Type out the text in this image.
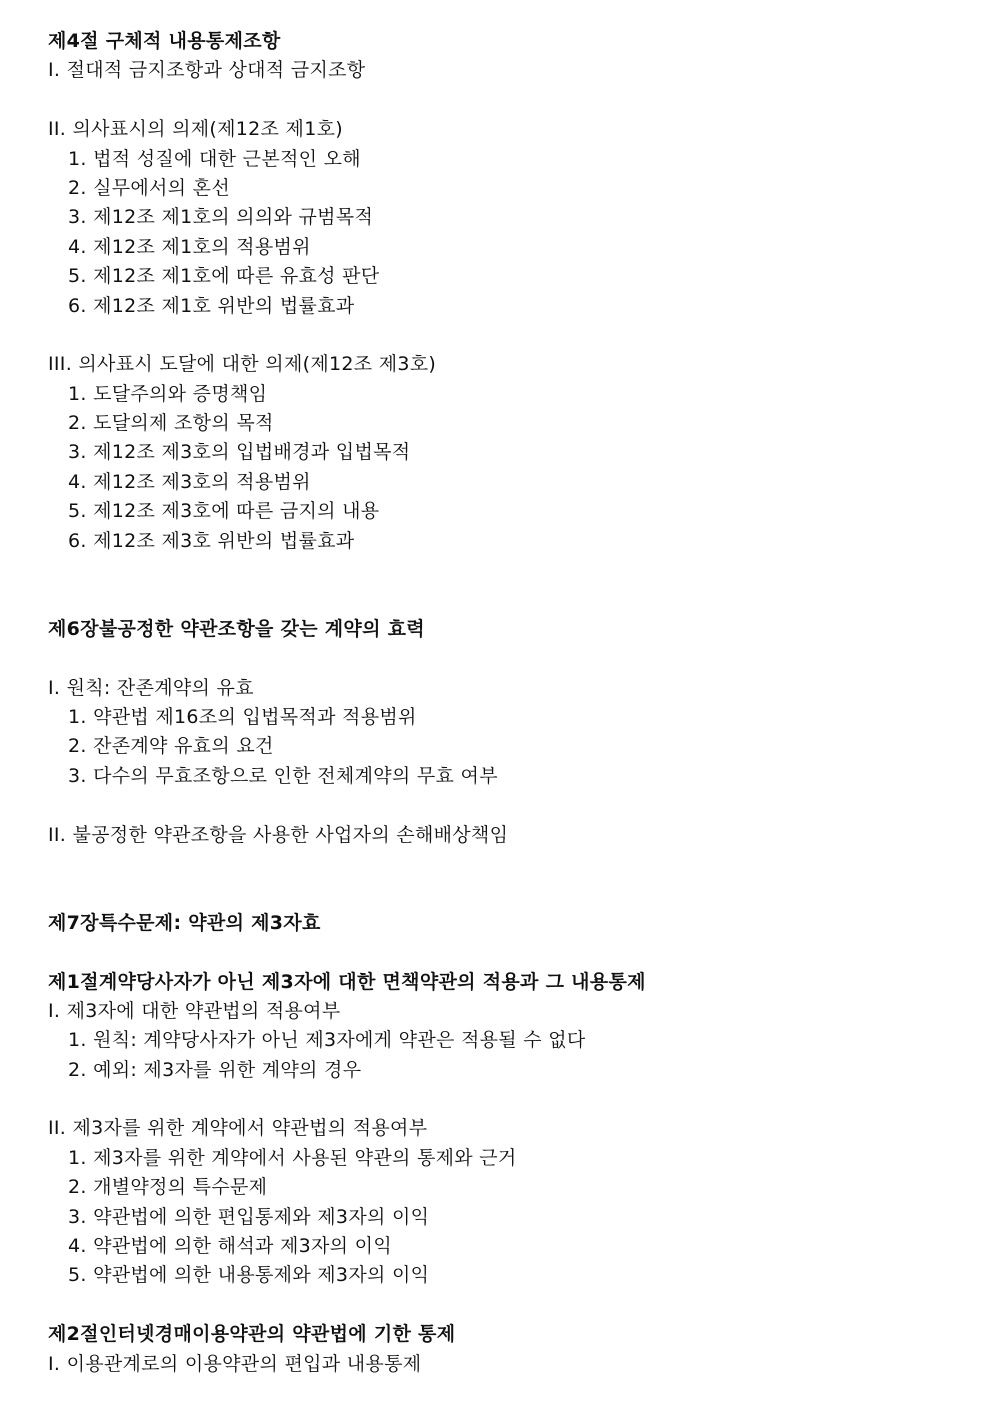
제4절 구체적 내용통제조항
I. 절대적 금지조항과 상대적 금지조항
II. 의사표시의 의제(제12조 제1호)
1. 법적 성질에 대한 근본적인 오해
2. 실무에서의 혼선
3. 제12조 제1호의 의의와 규범목적
4. 제12조 제1호의 적용범위
5. 제12조 제1호에 따른 유효성 판단
6. 제12조 제1호 위반의 법률효과
III. 의사표시 도달에 대한 의제(제12조 제3호)
1. 도달주의와 증명책임
2. 도달의제 조항의 목적
3. 제12조 제3호의 입법배경과 입법목적
4. 제12조 제3호의 적용범위
5. 제12조 제3호에 따른 금지의 내용
6. 제12조 제3호 위반의 법률효과
제6장불공정한 약관조항을 갖는 계약의 효력
I. 원칙: 잔존계약의 유효
1. 약관법 제16조의 입법목적과 적용범위
2. 잔존계약 유효의 요건
3. 다수의 무효조항으로 인한 전체계약의 무효 여부
II. 불공정한 약관조항을 사용한 사업자의 손해배상책임
제7장특수문제: 약관의 제3자효
제1절계약당사자가 아닌 제3자에 대한 면책약관의 적용과 그 내용통제
I. 제3자에 대한 약관법의 적용여부
1. 원칙: 계약당사자가 아닌 제3자에게 약관은 적용될 수 없다
2. 예외: 제3자를 위한 계약의 경우
II. 제3자를 위한 계약에서 약관법의 적용여부
1. 제3자를 위한 계약에서 사용된 약관의 통제와 근거
2. 개별약정의 특수문제
3. 약관법에 의한 편입통제와 제3자의 이익
4. 약관법에 의한 해석과 제3자의 이익
5. 약관법에 의한 내용통제와 제3자의 이익
제2절인터넷경매이용약관의 약관법에 기한 통제
I. 이용관계로의 이용약관의 편입과 내용통제
